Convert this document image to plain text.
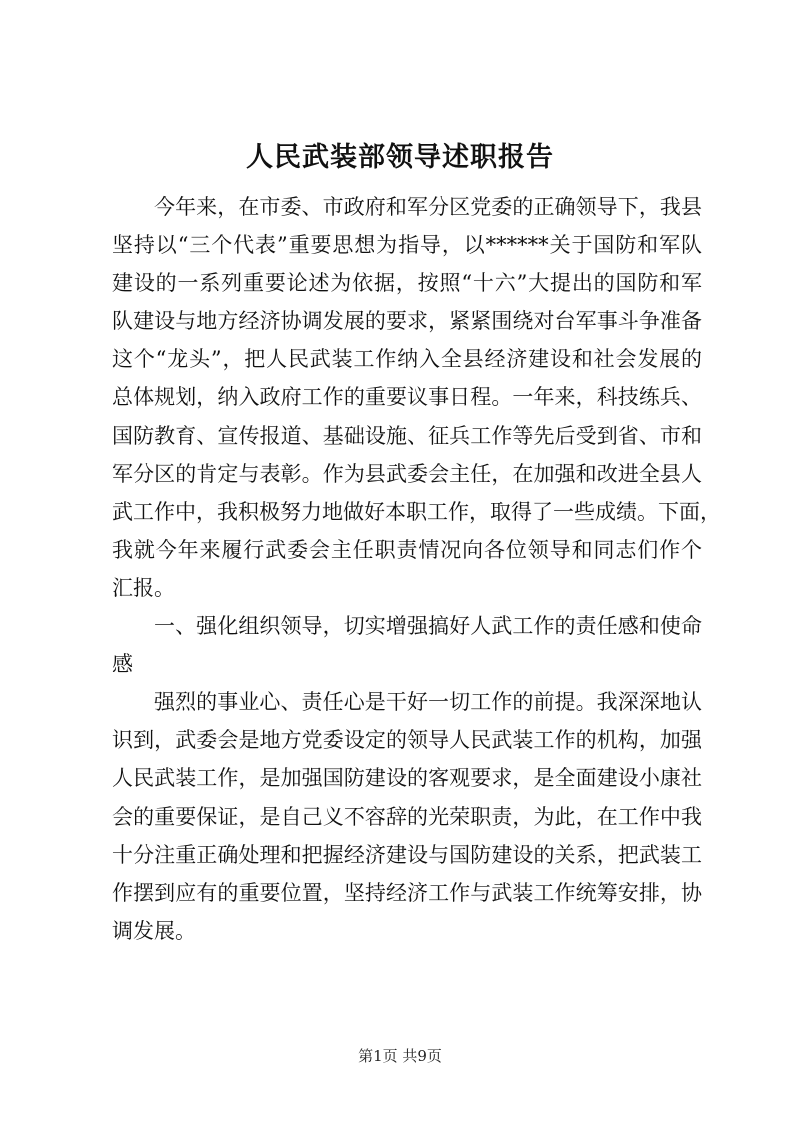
人民武装部领导述职报告
今年来，在市委、市政府和军分区党委的正确领导下，我县
坚持以“三个代表”重要思想为指导，以******关于国防和军队
建设的一系列重要论述为依据，按照“十六”大提出的国防和军
队建设与地方经济协调发展的要求，紧紧围绕对台军事斗争准备
这个“龙头”，把人民武装工作纳入全县经济建设和社会发展的
总体规划，纳入政府工作的重要议事日程。一年来，科技练兵、
国防教育、宣传报道、基础设施、征兵工作等先后受到省、市和
军分区的肯定与表彰。作为县武委会主任，在加强和改进全县人
武工作中，我积极努力地做好本职工作，取得了一些成绩。下面，
我就今年来履行武委会主任职责情况向各位领导和同志们作个
汇报。
一、强化组织领导，切实增强搞好人武工作的责任感和使命
感
强烈的事业心、责任心是干好一切工作的前提。我深深地认
识到，武委会是地方党委设定的领导人民武装工作的机构，加强
人民武装工作，是加强国防建设的客观要求，是全面建设小康社
会的重要保证，是自己义不容辞的光荣职责，为此，在工作中我
十分注重正确处理和把握经济建设与国防建设的关系，把武装工
作摆到应有的重要位置，坚持经济工作与武装工作统筹安排，协
调发展。
第1页 共9页
